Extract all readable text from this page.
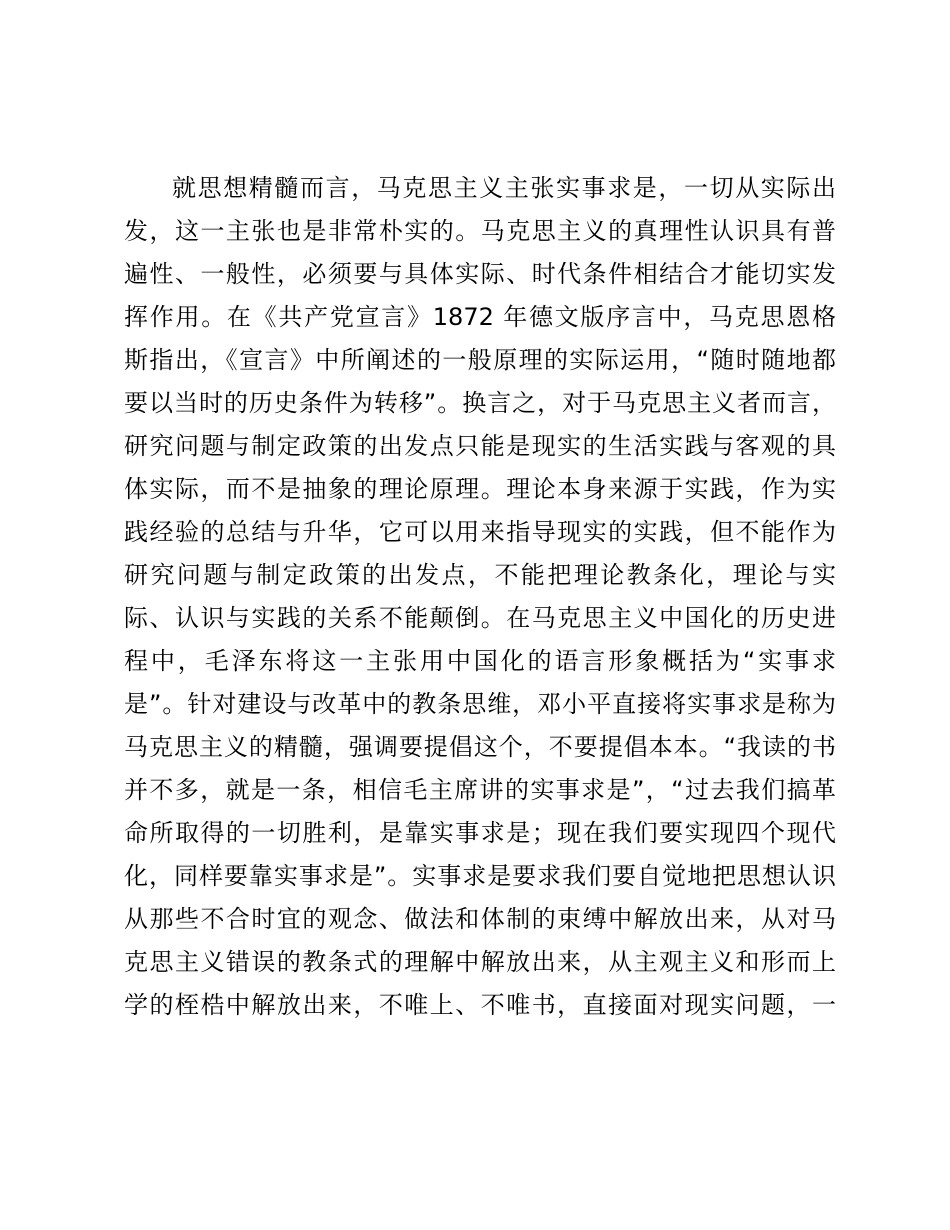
就思想精髓而言，马克思主义主张实事求是，一切从实际出
发，这一主张也是非常朴实的。马克思主义的真理性认识具有普
遍性、一般性，必须要与具体实际、时代条件相结合才能切实发
挥作用。在《共产党宣言》1872 年德文版序言中，马克思恩格
斯指出，《宣言》中所阐述的一般原理的实际运用，“随时随地都
要以当时的历史条件为转移”。换言之，对于马克思主义者而言，
研究问题与制定政策的出发点只能是现实的生活实践与客观的具
体实际，而不是抽象的理论原理。理论本身来源于实践，作为实
践经验的总结与升华，它可以用来指导现实的实践，但不能作为
研究问题与制定政策的出发点，不能把理论教条化，理论与实
际、认识与实践的关系不能颠倒。在马克思主义中国化的历史进
程中，毛泽东将这一主张用中国化的语言形象概括为“实事求
是”。针对建设与改革中的教条思维，邓小平直接将实事求是称为
马克思主义的精髓，强调要提倡这个，不要提倡本本。“我读的书
并不多，就是一条，相信毛主席讲的实事求是”，“过去我们搞革
命所取得的一切胜利，是靠实事求是；现在我们要实现四个现代
化，同样要靠实事求是”。实事求是要求我们要自觉地把思想认识
从那些不合时宜的观念、做法和体制的束缚中解放出来，从对马
克思主义错误的教条式的理解中解放出来，从主观主义和形而上
学的桎梏中解放出来，不唯上、不唯书，直接面对现实问题，一
